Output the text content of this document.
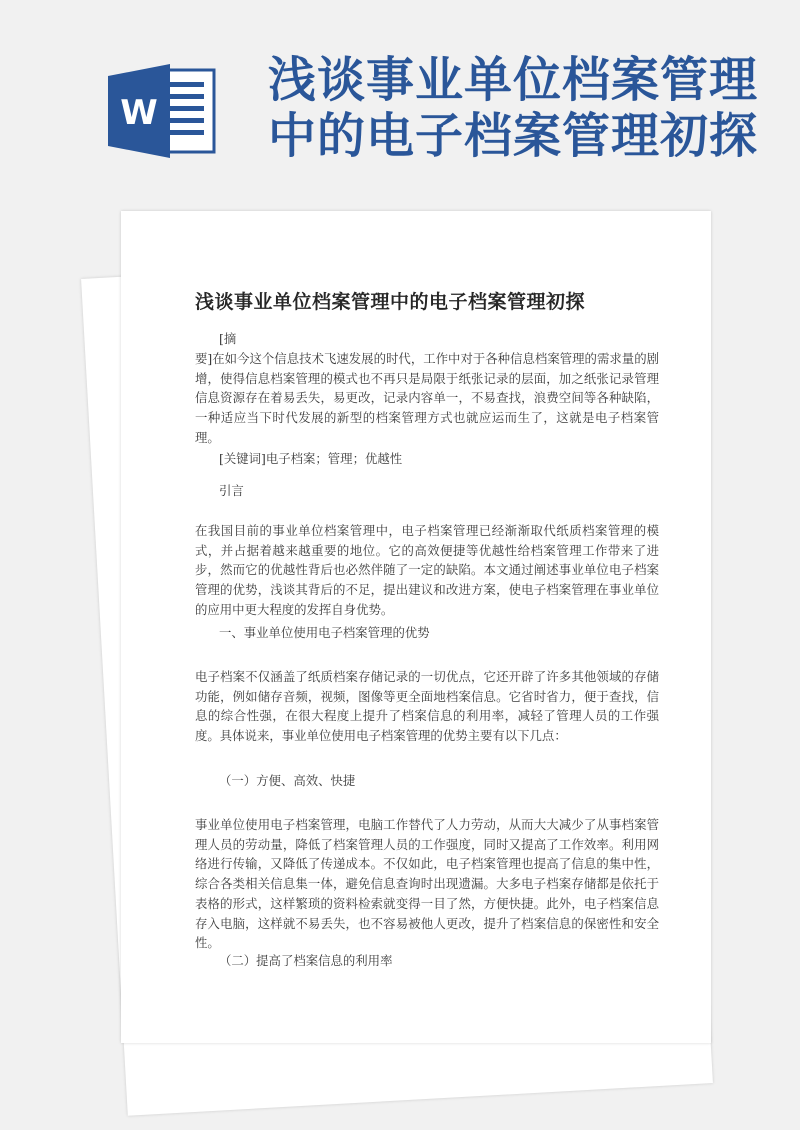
W
浅谈事业单位档案管理
中的电子档案管理初探
浅谈事业单位档案管理中的电子档案管理初探

[摘

要]在如今这个信息技术飞速发展的时代，工作中对于各种信息档案管理的需求量的剧增，使得信息档案管理的模式也不再只是局限于纸张记录的层面，加之纸张记录管理信息资源存在着易丢失，易更改，记录内容单一，不易查找，浪费空间等各种缺陷，一种适应当下时代发展的新型的档案管理方式也就应运而生了，这就是电子档案管理。

[关键词]电子档案；管理；优越性

引言

在我国目前的事业单位档案管理中，电子档案管理已经渐渐取代纸质档案管理的模式，并占据着越来越重要的地位。它的高效便捷等优越性给档案管理工作带来了进步，然而它的优越性背后也必然伴随了一定的缺陷。本文通过阐述事业单位电子档案管理的优势，浅谈其背后的不足，提出建议和改进方案，使电子档案管理在事业单位的应用中更大程度的发挥自身优势。

一、事业单位使用电子档案管理的优势

电子档案不仅涵盖了纸质档案存储记录的一切优点，它还开辟了许多其他领域的存储功能，例如储存音频，视频，图像等更全面地档案信息。它省时省力，便于查找，信息的综合性强，在很大程度上提升了档案信息的利用率，减轻了管理人员的工作强度。具体说来，事业单位使用电子档案管理的优势主要有以下几点：

（一）方便、高效、快捷

事业单位使用电子档案管理，电脑工作替代了人力劳动，从而大大减少了从事档案管理人员的劳动量，降低了档案管理人员的工作强度，同时又提高了工作效率。利用网络进行传输，又降低了传递成本。不仅如此，电子档案管理也提高了信息的集中性，综合各类相关信息集一体，避免信息查询时出现遗漏。大多电子档案存储都是依托于表格的形式，这样繁琐的资料检索就变得一目了然，方便快捷。此外，电子档案信息存入电脑，这样就不易丢失，也不容易被他人更改，提升了档案信息的保密性和安全性。

（二）提高了档案信息的利用率
